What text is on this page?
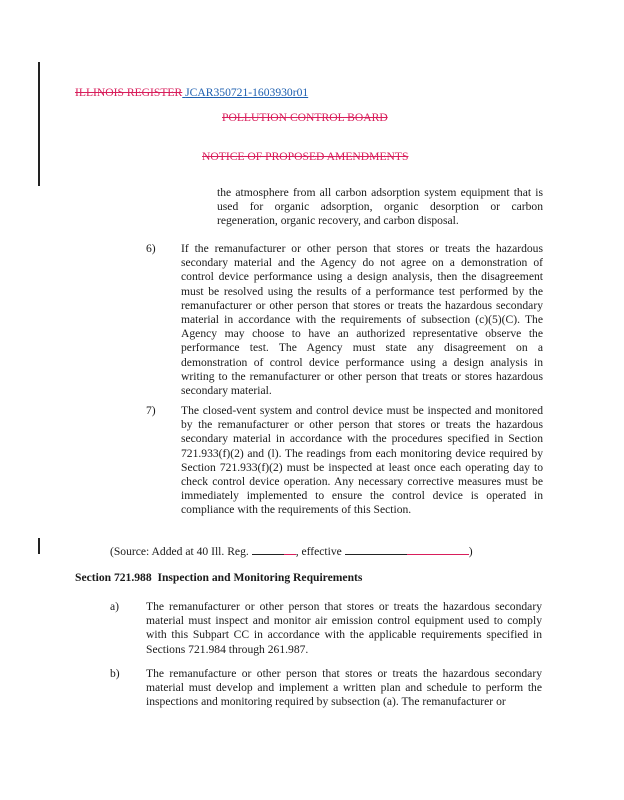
ILLINOIS REGISTER JCAR350721-1603930r01
POLLUTION CONTROL BOARD
NOTICE OF PROPOSED AMENDMENTS
the atmosphere from all carbon adsorption system equipment that is used for organic adsorption, organic desorption or carbon regeneration, organic recovery, and carbon disposal.
6) If the remanufacturer or other person that stores or treats the hazardous secondary material and the Agency do not agree on a demonstration of control device performance using a design analysis, then the disagreement must be resolved using the results of a performance test performed by the remanufacturer or other person that stores or treats the hazardous secondary material in accordance with the requirements of subsection (c)(5)(C). The Agency may choose to have an authorized representative observe the performance test. The Agency must state any disagreement on a demonstration of control device performance using a design analysis in writing to the remanufacturer or other person that treats or stores hazardous secondary material.
7) The closed-vent system and control device must be inspected and monitored by the remanufacturer or other person that stores or treats the hazardous secondary material in accordance with the procedures specified in Section 721.933(f)(2) and (l). The readings from each monitoring device required by Section 721.933(f)(2) must be inspected at least once each operating day to check control device operation. Any necessary corrective measures must be immediately implemented to ensure the control device is operated in compliance with the requirements of this Section.
(Source: Added at 40 Ill. Reg.	, effective	)
Section 721.988  Inspection and Monitoring Requirements
a) The remanufacturer or other person that stores or treats the hazardous secondary material must inspect and monitor air emission control equipment used to comply with this Subpart CC in accordance with the applicable requirements specified in Sections 721.984 through 261.987.
b) The remanufacture or other person that stores or treats the hazardous secondary material must develop and implement a written plan and schedule to perform the inspections and monitoring required by subsection (a). The remanufacturer or
